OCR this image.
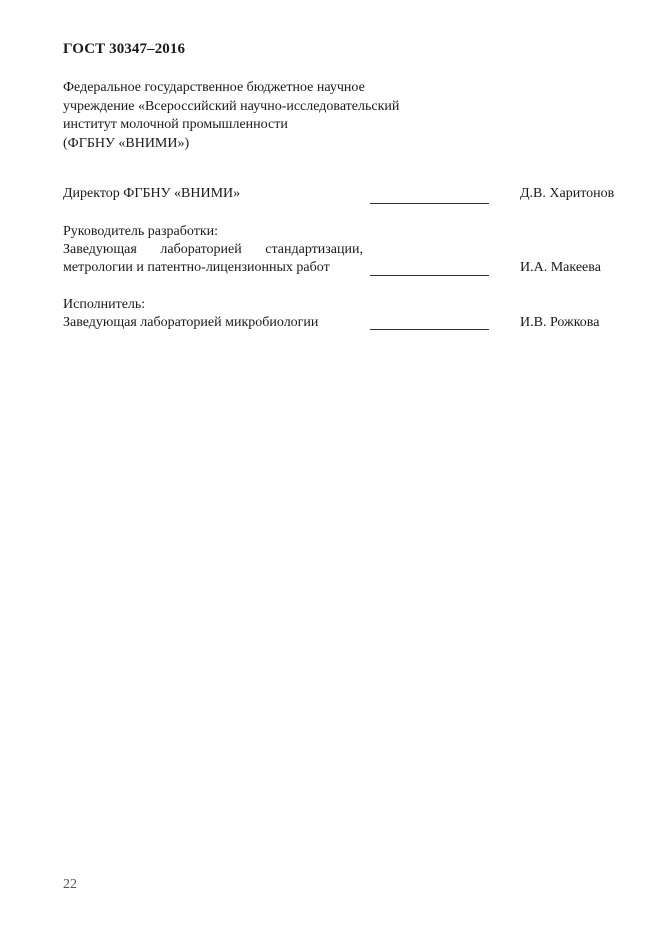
ГОСТ 30347–2016
Федеральное государственное бюджетное научное
учреждение «Всероссийский научно-исследовательский
институт молочной промышленности
(ФГБНУ «ВНИМИ»)
Директор ФГБНУ «ВНИМИ»	Д.В. Харитонов
Руководитель разработки:
Заведующая лабораторией стандартизации,
метрологии и патентно-лицензионных работ	И.А. Макеева
Исполнитель:
Заведующая лабораторией микробиологии	И.В. Рожкова
22
